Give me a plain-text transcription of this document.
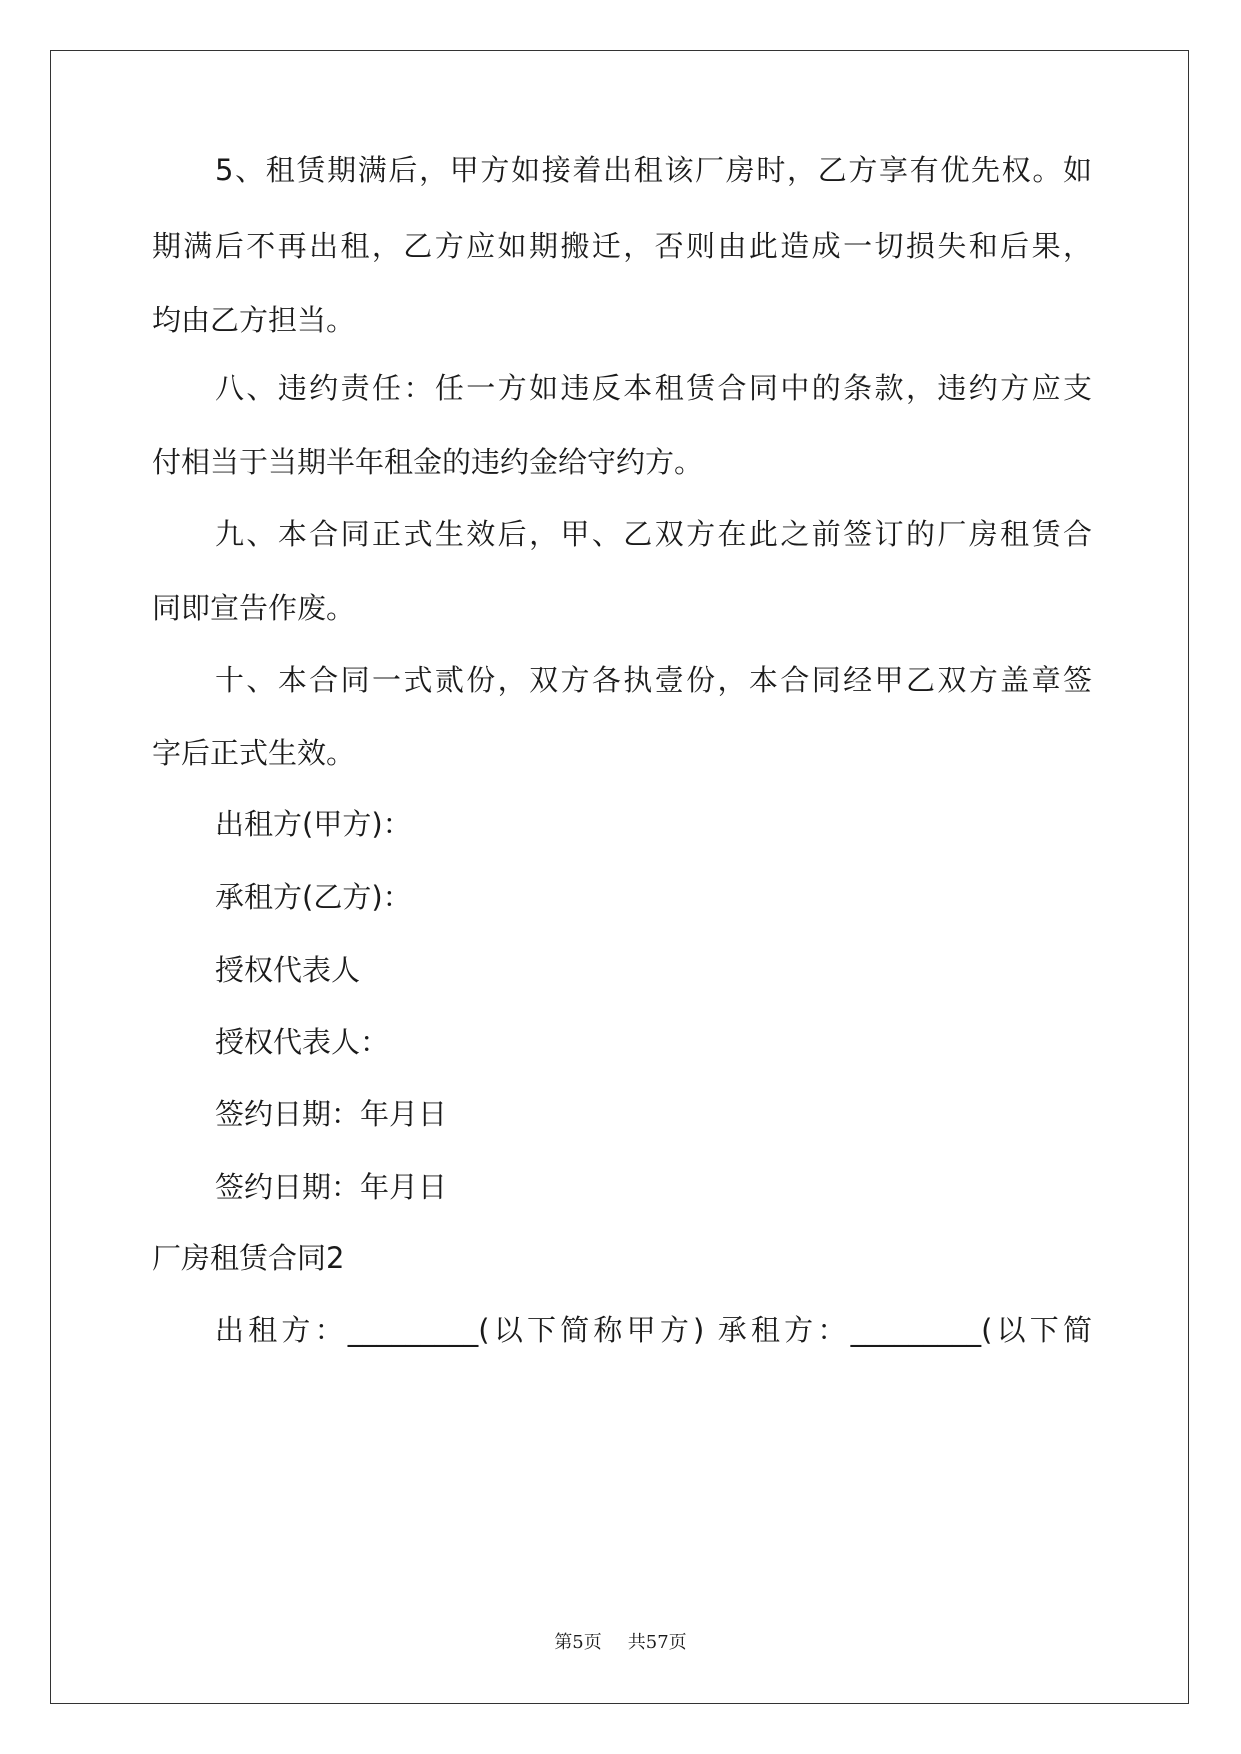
5、租赁期满后，甲方如接着出租该厂房时，乙方享有优先权。如
期满后不再出租，乙方应如期搬迁，否则由此造成一切损失和后果，
均由乙方担当。
八、违约责任：任一方如违反本租赁合同中的条款，违约方应支
付相当于当期半年租金的违约金给守约方。
九、本合同正式生效后，甲、乙双方在此之前签订的厂房租赁合
同即宣告作废。
十、本合同一式贰份，双方各执壹份，本合同经甲乙双方盖章签
字后正式生效。
出租方(甲方)：
承租方(乙方)：
授权代表人
授权代表人：
签约日期：年月日
签约日期：年月日
厂房租赁合同2
出租方：_________(以下简称甲方) 承租方：_________(以下简
第5页 共57页
